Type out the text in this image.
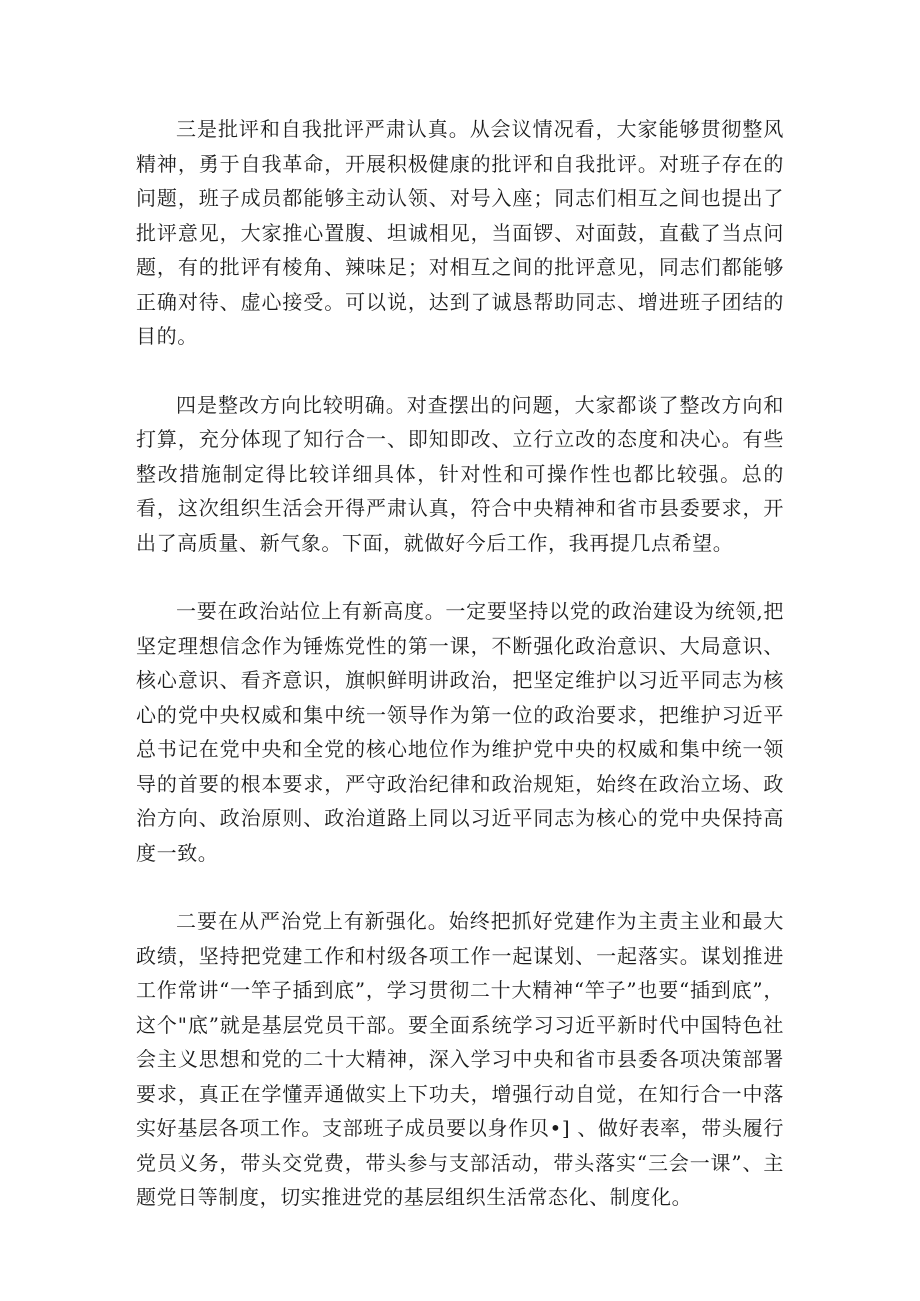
三是批评和自我批评严肃认真。从会议情况看，大家能够贯彻整风精神，勇于自我革命，开展积极健康的批评和自我批评。对班子存在的问题，班子成员都能够主动认领、对号入座；同志们相互之间也提出了批评意见，大家推心置腹、坦诚相见，当面锣、对面鼓，直截了当点问题，有的批评有棱角、辣味足；对相互之间的批评意见，同志们都能够正确对待、虚心接受。可以说，达到了诚恳帮助同志、增进班子团结的目的。

四是整改方向比较明确。对查摆出的问题，大家都谈了整改方向和打算，充分体现了知行合一、即知即改、立行立改的态度和决心。有些整改措施制定得比较详细具体，针对性和可操作性也都比较强。总的看，这次组织生活会开得严肃认真，符合中央精神和省市县委要求，开出了高质量、新气象。下面，就做好今后工作，我再提几点希望。

一要在政治站位上有新高度。一定要坚持以党的政治建设为统领,把坚定理想信念作为锤炼党性的第一课，不断强化政治意识、大局意识、核心意识、看齐意识，旗帜鲜明讲政治，把坚定维护以习近平同志为核心的党中央权威和集中统一领导作为第一位的政治要求，把维护习近平总书记在党中央和全党的核心地位作为维护党中央的权威和集中统一领导的首要的根本要求，严守政治纪律和政治规矩，始终在政治立场、政治方向、政治原则、政治道路上同以习近平同志为核心的党中央保持高度一致。

二要在从严治党上有新强化。始终把抓好党建作为主责主业和最大政绩，坚持把党建工作和村级各项工作一起谋划、一起落实。谋划推进工作常讲“一竿子插到底”，学习贯彻二十大精神“竿子”也要“插到底”，这个"底”就是基层党员干部。要全面系统学习习近平新时代中国特色社会主义思想和党的二十大精神，深入学习中央和省市县委各项决策部署要求，真正在学懂弄通做实上下功夫，增强行动自觉，在知行合一中落实好基层各项工作。支部班子成员要以身作贝•] 、做好表率，带头履行党员义务，带头交党费，带头参与支部活动，带头落实“三会一课”、主题党日等制度，切实推进党的基层组织生活常态化、制度化。
